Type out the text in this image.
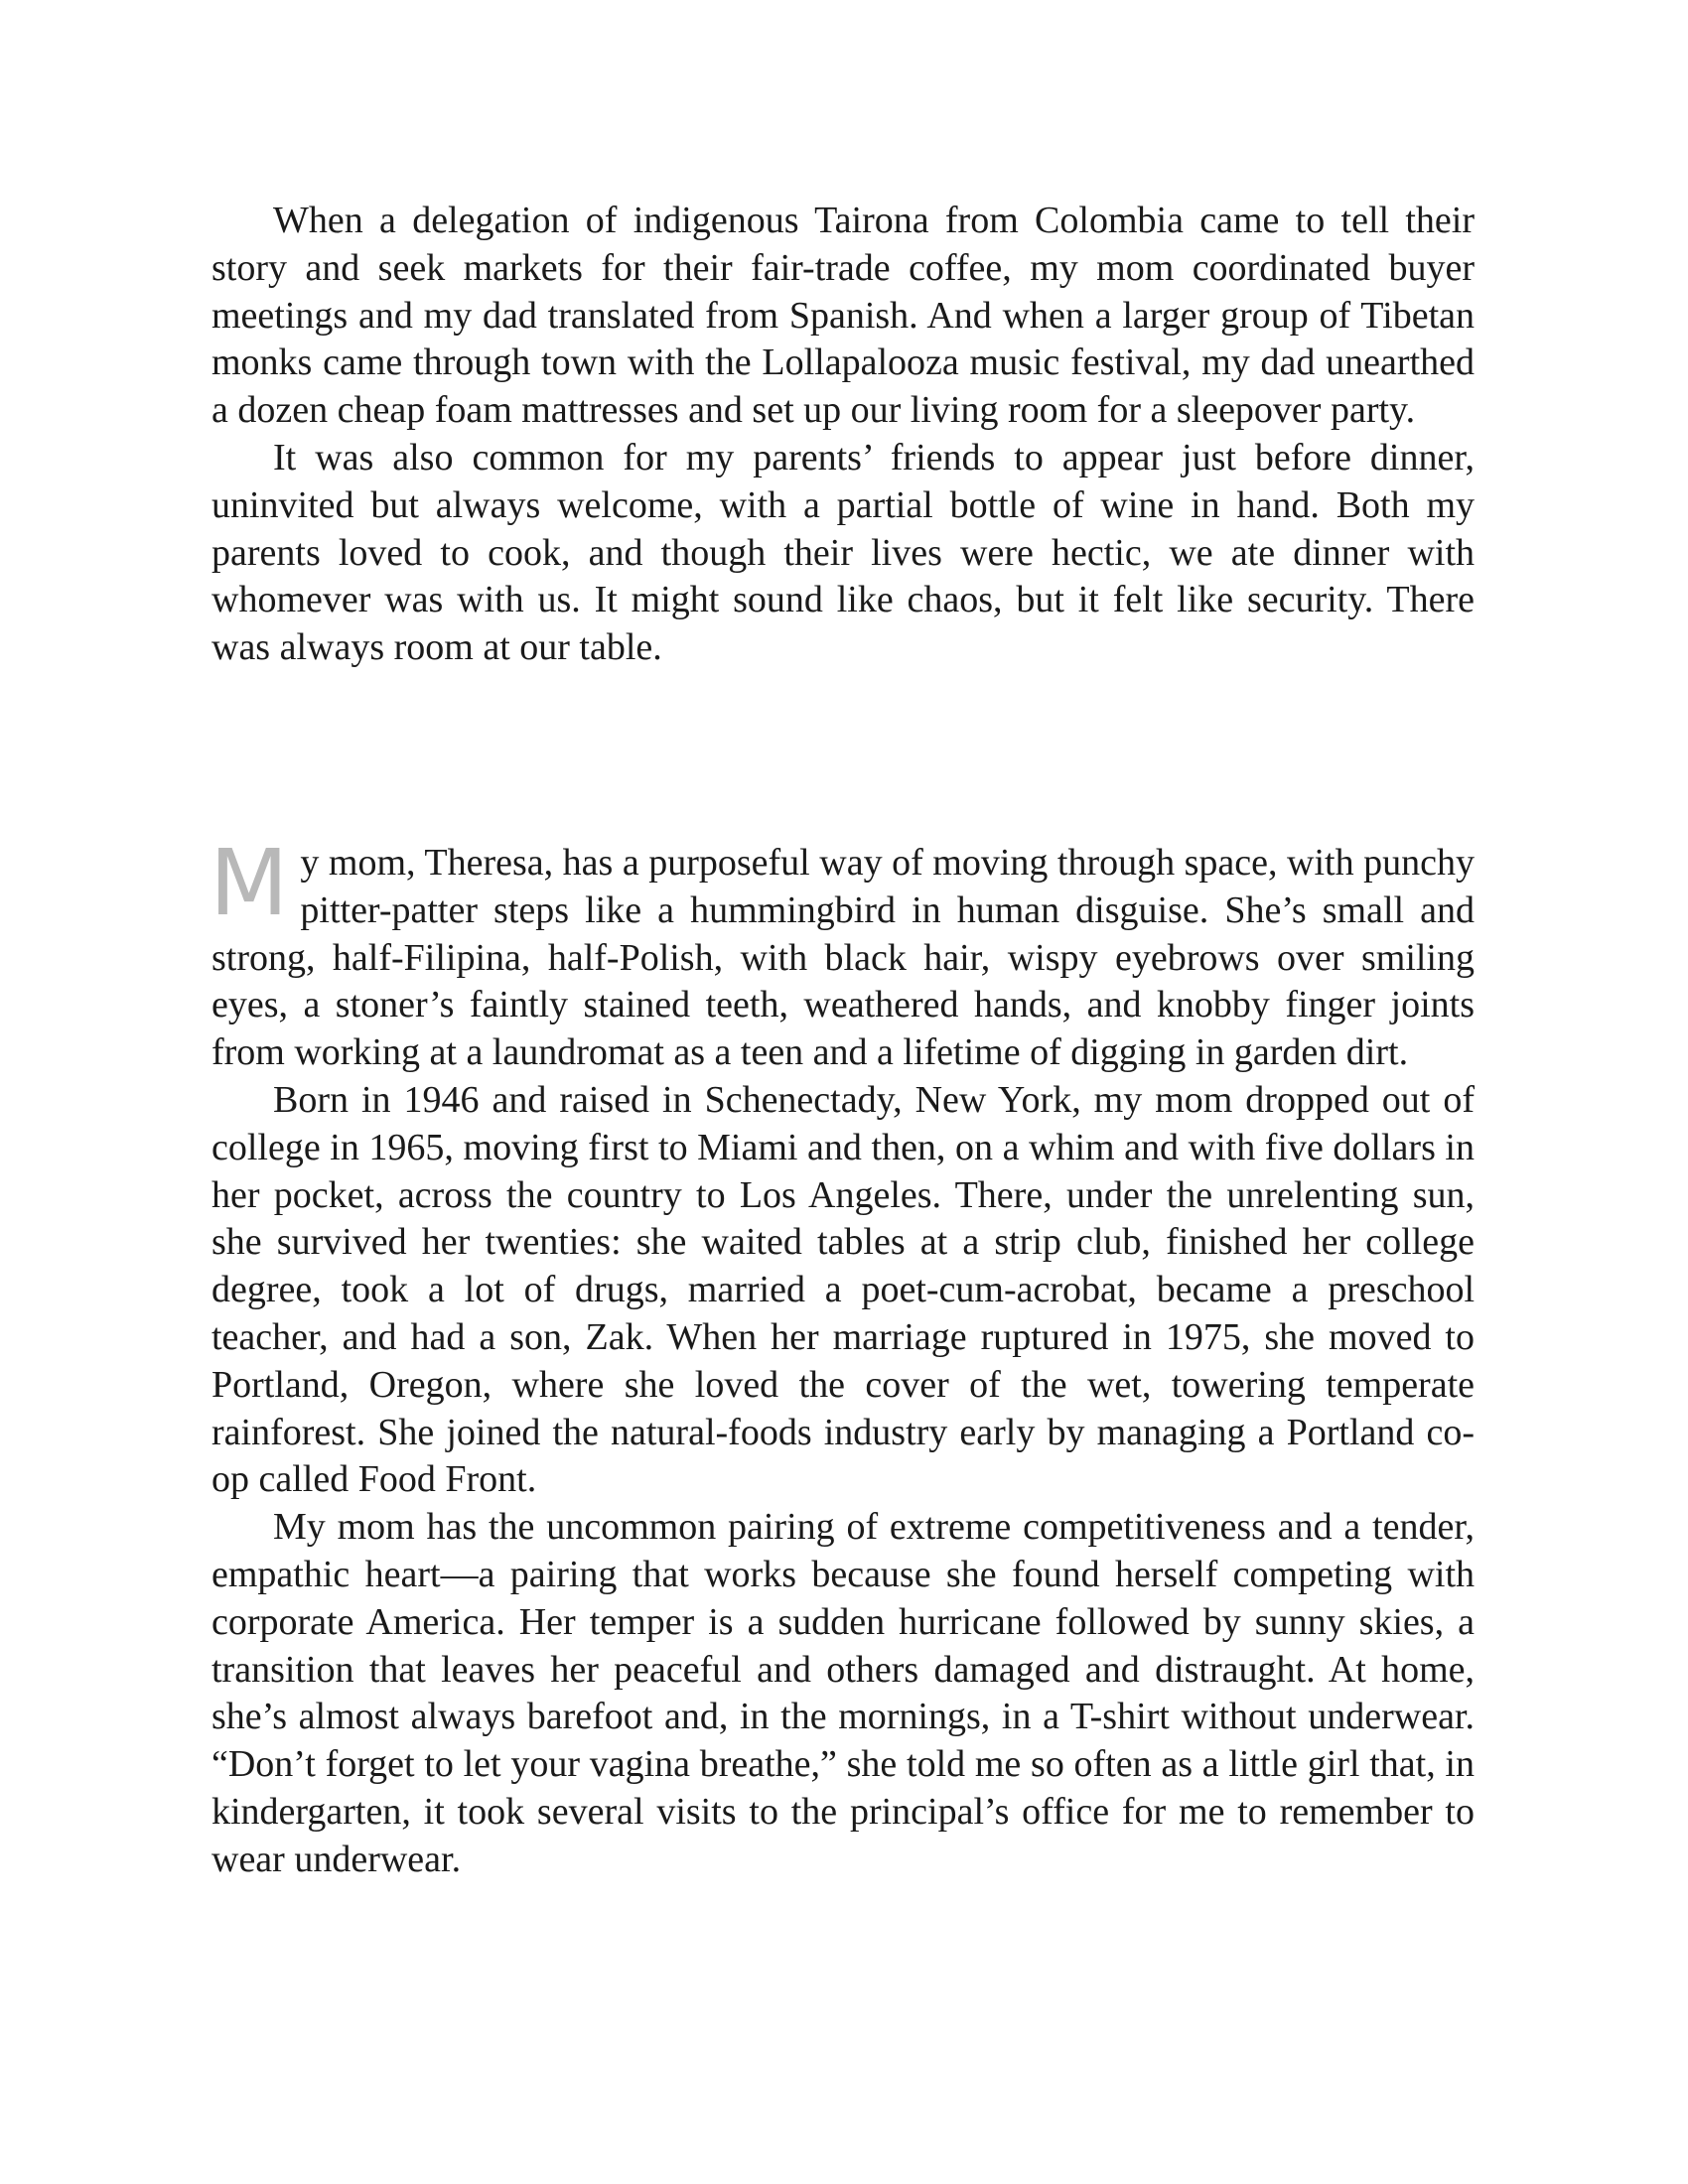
When a delegation of indigenous Tairona from Colombia came to tell their story and seek markets for their fair-trade coffee, my mom coordinated buyer meetings and my dad translated from Spanish. And when a larger group of Tibetan monks came through town with the Lollapalooza music festival, my dad unearthed a dozen cheap foam mattresses and set up our living room for a sleepover party.

It was also common for my parents’ friends to appear just before dinner, uninvited but always welcome, with a partial bottle of wine in hand. Both my parents loved to cook, and though their lives were hectic, we ate dinner with whomever was with us. It might sound like chaos, but it felt like security. There was always room at our table.

My mom, Theresa, has a purposeful way of moving through space, with punchy pitter-patter steps like a hummingbird in human disguise. She’s small and strong, half-Filipina, half-Polish, with black hair, wispy eyebrows over smiling eyes, a stoner’s faintly stained teeth, weathered hands, and knobby finger joints from working at a laundromat as a teen and a lifetime of digging in garden dirt.

Born in 1946 and raised in Schenectady, New York, my mom dropped out of college in 1965, moving first to Miami and then, on a whim and with five dollars in her pocket, across the country to Los Angeles. There, under the unrelenting sun, she survived her twenties: she waited tables at a strip club, finished her college degree, took a lot of drugs, married a poet-cum-acrobat, became a preschool teacher, and had a son, Zak. When her marriage ruptured in 1975, she moved to Portland, Oregon, where she loved the cover of the wet, towering temperate rainforest. She joined the natural-foods industry early by managing a Portland co-op called Food Front.

My mom has the uncommon pairing of extreme competitiveness and a tender, empathic heart—a pairing that works because she found herself competing with corporate America. Her temper is a sudden hurricane followed by sunny skies, a transition that leaves her peaceful and others damaged and distraught. At home, she’s almost always barefoot and, in the mornings, in a T-shirt without underwear. “Don’t forget to let your vagina breathe,” she told me so often as a little girl that, in kindergarten, it took several visits to the principal’s office for me to remember to wear underwear.
